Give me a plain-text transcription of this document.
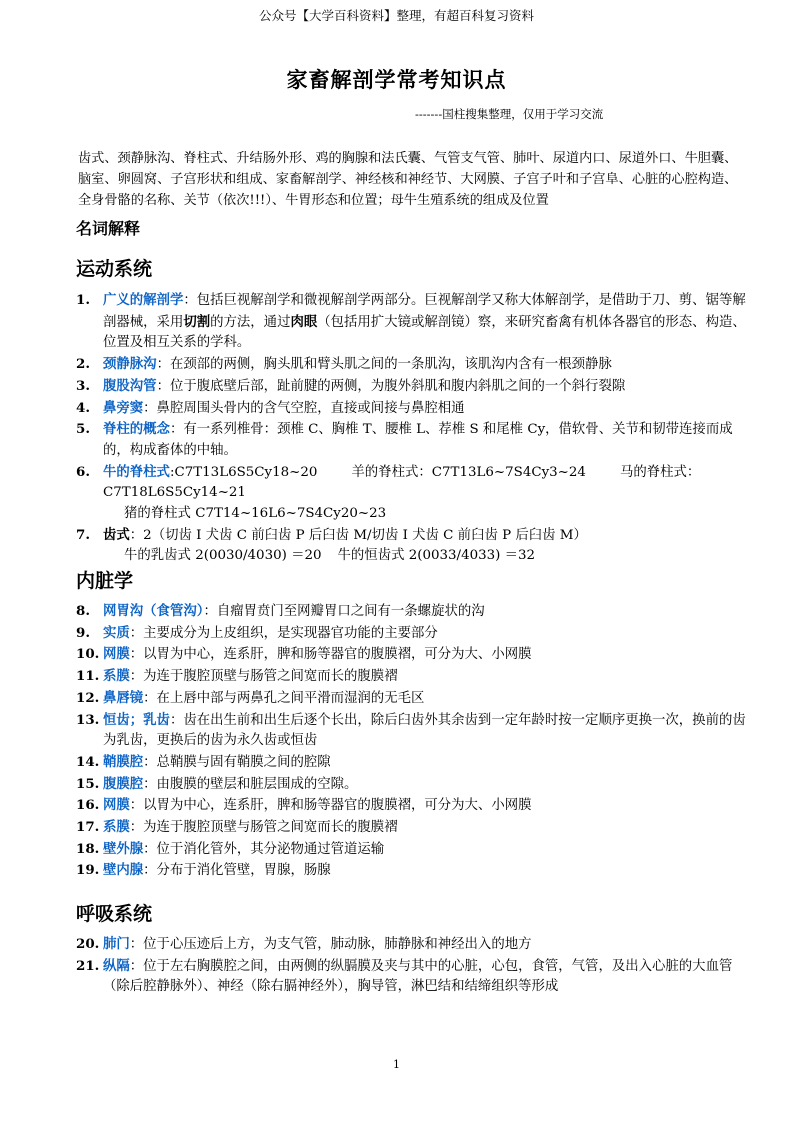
公众号【大学百科资料】整理，有超百科复习资料
家畜解剖学常考知识点
-------国柱搜集整理，仅用于学习交流
齿式、颈静脉沟、脊柱式、升结肠外形、鸡的胸腺和法氏囊、气管支气管、肺叶、尿道内口、尿道外口、牛胆囊、脑室、卵圆窝、子宫形状和组成、家畜解剖学、神经核和神经节、大网膜、子宫子叶和子宫阜、心脏的心腔构造、全身骨骼的名称、关节（依次!!!）、牛胃形态和位置；母牛生殖系统的组成及位置
名词解释
运动系统
1. 广义的解剖学：包括巨视解剖学和微视解剖学两部分。巨视解剖学又称大体解剖学，是借助于刀、剪、锯等解剖器械，采用切割的方法，通过肉眼（包括用扩大镜或解剖镜）察，来研究畜禽有机体各器官的形态、构造、位置及相互关系的学科。
2. 颈静脉沟：在颈部的两侧，胸头肌和臂头肌之间的一条肌沟，该肌沟内含有一根颈静脉
3. 腹股沟管：位于腹底壁后部，趾前腱的两侧，为腹外斜肌和腹内斜肌之间的一个斜行裂隙
4. 鼻旁窦：鼻腔周围头骨内的含气空腔，直接或间接与鼻腔相通
5. 脊柱的概念：有一系列椎骨：颈椎 C、胸椎 T、腰椎 L、荐椎 S 和尾椎 Cy，借软骨、关节和韧带连接而成的，构成畜体的中轴。
6. 牛的脊柱式:C7T13L6S5Cy18~20	羊的脊柱式：C7T13L6~7S4Cy3~24	马的脊柱式：C7T18L6S5Cy14~21
猪的脊柱式 C7T14~16L6~7S4Cy20~23
7. 齿式：2（切齿 I 犬齿 C 前臼齿 P 后臼齿 M/切齿 I 犬齿 C 前臼齿 P 后臼齿 M）
牛的乳齿式 2(0030/4030) ＝20 牛的恒齿式 2(0033/4033) ＝32
内脏学
8. 网胃沟（食管沟）：自瘤胃贲门至网瓣胃口之间有一条螺旋状的沟
9. 实质：主要成分为上皮组织，是实现器官功能的主要部分
10. 网膜：以胃为中心，连系肝，脾和肠等器官的腹膜褶，可分为大、小网膜
11. 系膜：为连于腹腔顶壁与肠管之间宽而长的腹膜褶
12. 鼻唇镜：在上唇中部与两鼻孔之间平滑而湿润的无毛区
13. 恒齿；乳齿：齿在出生前和出生后逐个长出，除后臼齿外其余齿到一定年龄时按一定顺序更换一次，换前的齿为乳齿，更换后的齿为永久齿或恒齿
14. 鞘膜腔：总鞘膜与固有鞘膜之间的腔隙
15. 腹膜腔：由腹膜的壁层和脏层围成的空隙。
16. 网膜：以胃为中心，连系肝，脾和肠等器官的腹膜褶，可分为大、小网膜
17. 系膜：为连于腹腔顶壁与肠管之间宽而长的腹膜褶
18. 壁外腺：位于消化管外，其分泌物通过管道运输
19. 壁内腺：分布于消化管壁，胃腺，肠腺
呼吸系统
20. 肺门：位于心压迹后上方，为支气管，肺动脉，肺静脉和神经出入的地方
21. 纵隔：位于左右胸膜腔之间，由两侧的纵膈膜及夹与其中的心脏，心包，食管，气管，及出入心脏的大血管（除后腔静脉外）、神经（除右膈神经外），胸导管，淋巴结和结缔组织等形成
1
